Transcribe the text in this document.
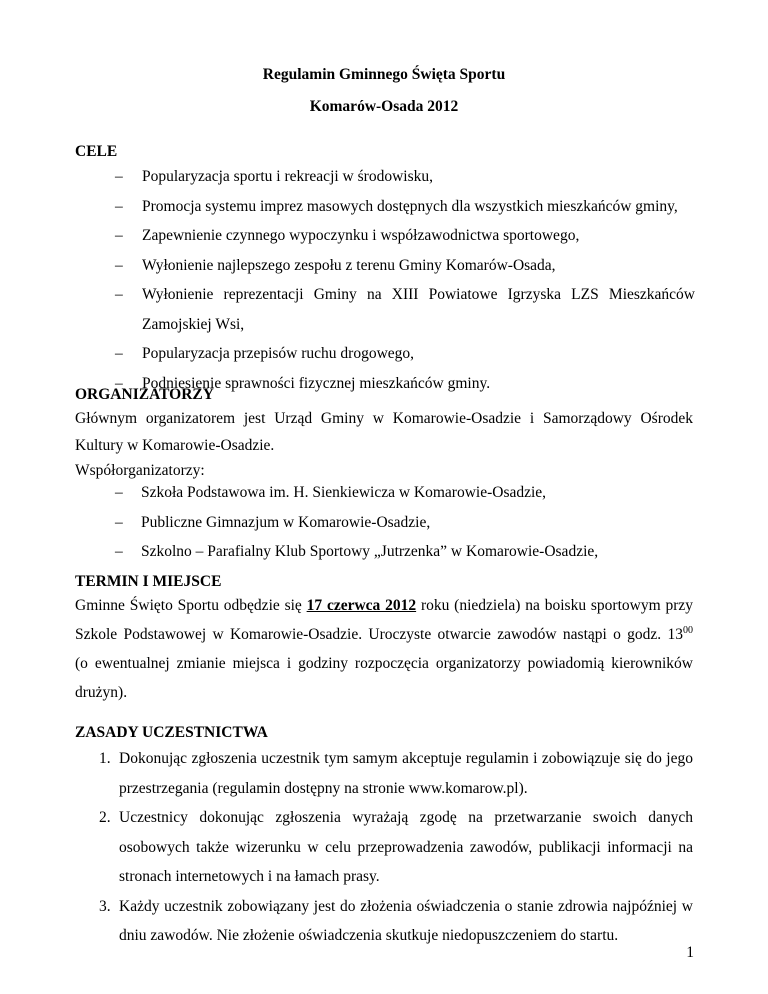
Regulamin Gminnego Święta Sportu

Komarów-Osada 2012

CELE

– Popularyzacja sportu i rekreacji w środowisku,
– Promocja systemu imprez masowych dostępnych dla wszystkich mieszkańców gminy,
– Zapewnienie czynnego wypoczynku i współzawodnictwa sportowego,
– Wyłonienie najlepszego zespołu z terenu Gminy Komarów-Osada,
– Wyłonienie reprezentacji Gminy na XIII Powiatowe Igrzyska LZS Mieszkańców
Zamojskiej Wsi,
– Popularyzacja przepisów ruchu drogowego,
– Podniesienie sprawności fizycznej mieszkańców gminy.

ORGANIZATORZY

Głównym organizatorem jest Urząd Gminy w Komarowie-Osadzie i Samorządowy Ośrodek

Kultury w Komarowie-Osadzie.

Współorganizatorzy:

– Szkoła Podstawowa im. H. Sienkiewicza w Komarowie-Osadzie,
– Publiczne Gimnazjum w Komarowie-Osadzie,
– Szkolno – Parafialny Klub Sportowy „Jutrzenka” w Komarowie-Osadzie,

TERMIN I MIEJSCE

Gminne Święto Sportu odbędzie się 17 czerwca 2012 roku (niedziela) na boisku sportowym przy

Szkole Podstawowej w Komarowie-Osadzie. Uroczyste otwarcie zawodów nastąpi o godz. $13^{00}$

(o ewentualnej zmianie miejsca i godziny rozpoczęcia organizatorzy powiadomią kierowników

drużyn).

ZASADY UCZESTNICTWA

1. Dokonując zgłoszenia uczestnik tym samym akceptuje regulamin i zobowiązuje się do jego
przestrzegania (regulamin dostępny na stronie www.komarow.pl).
2. Uczestnicy dokonując zgłoszenia wyrażają zgodę na przetwarzanie swoich danych
osobowych także wizerunku w celu przeprowadzenia zawodów, publikacji informacji na
stronach internetowych i na łamach prasy.
3. Każdy uczestnik zobowiązany jest do złożenia oświadczenia o stanie zdrowia najpóźniej w
dniu zawodów. Nie złożenie oświadczenia skutkuje niedopuszczeniem do startu.
1
